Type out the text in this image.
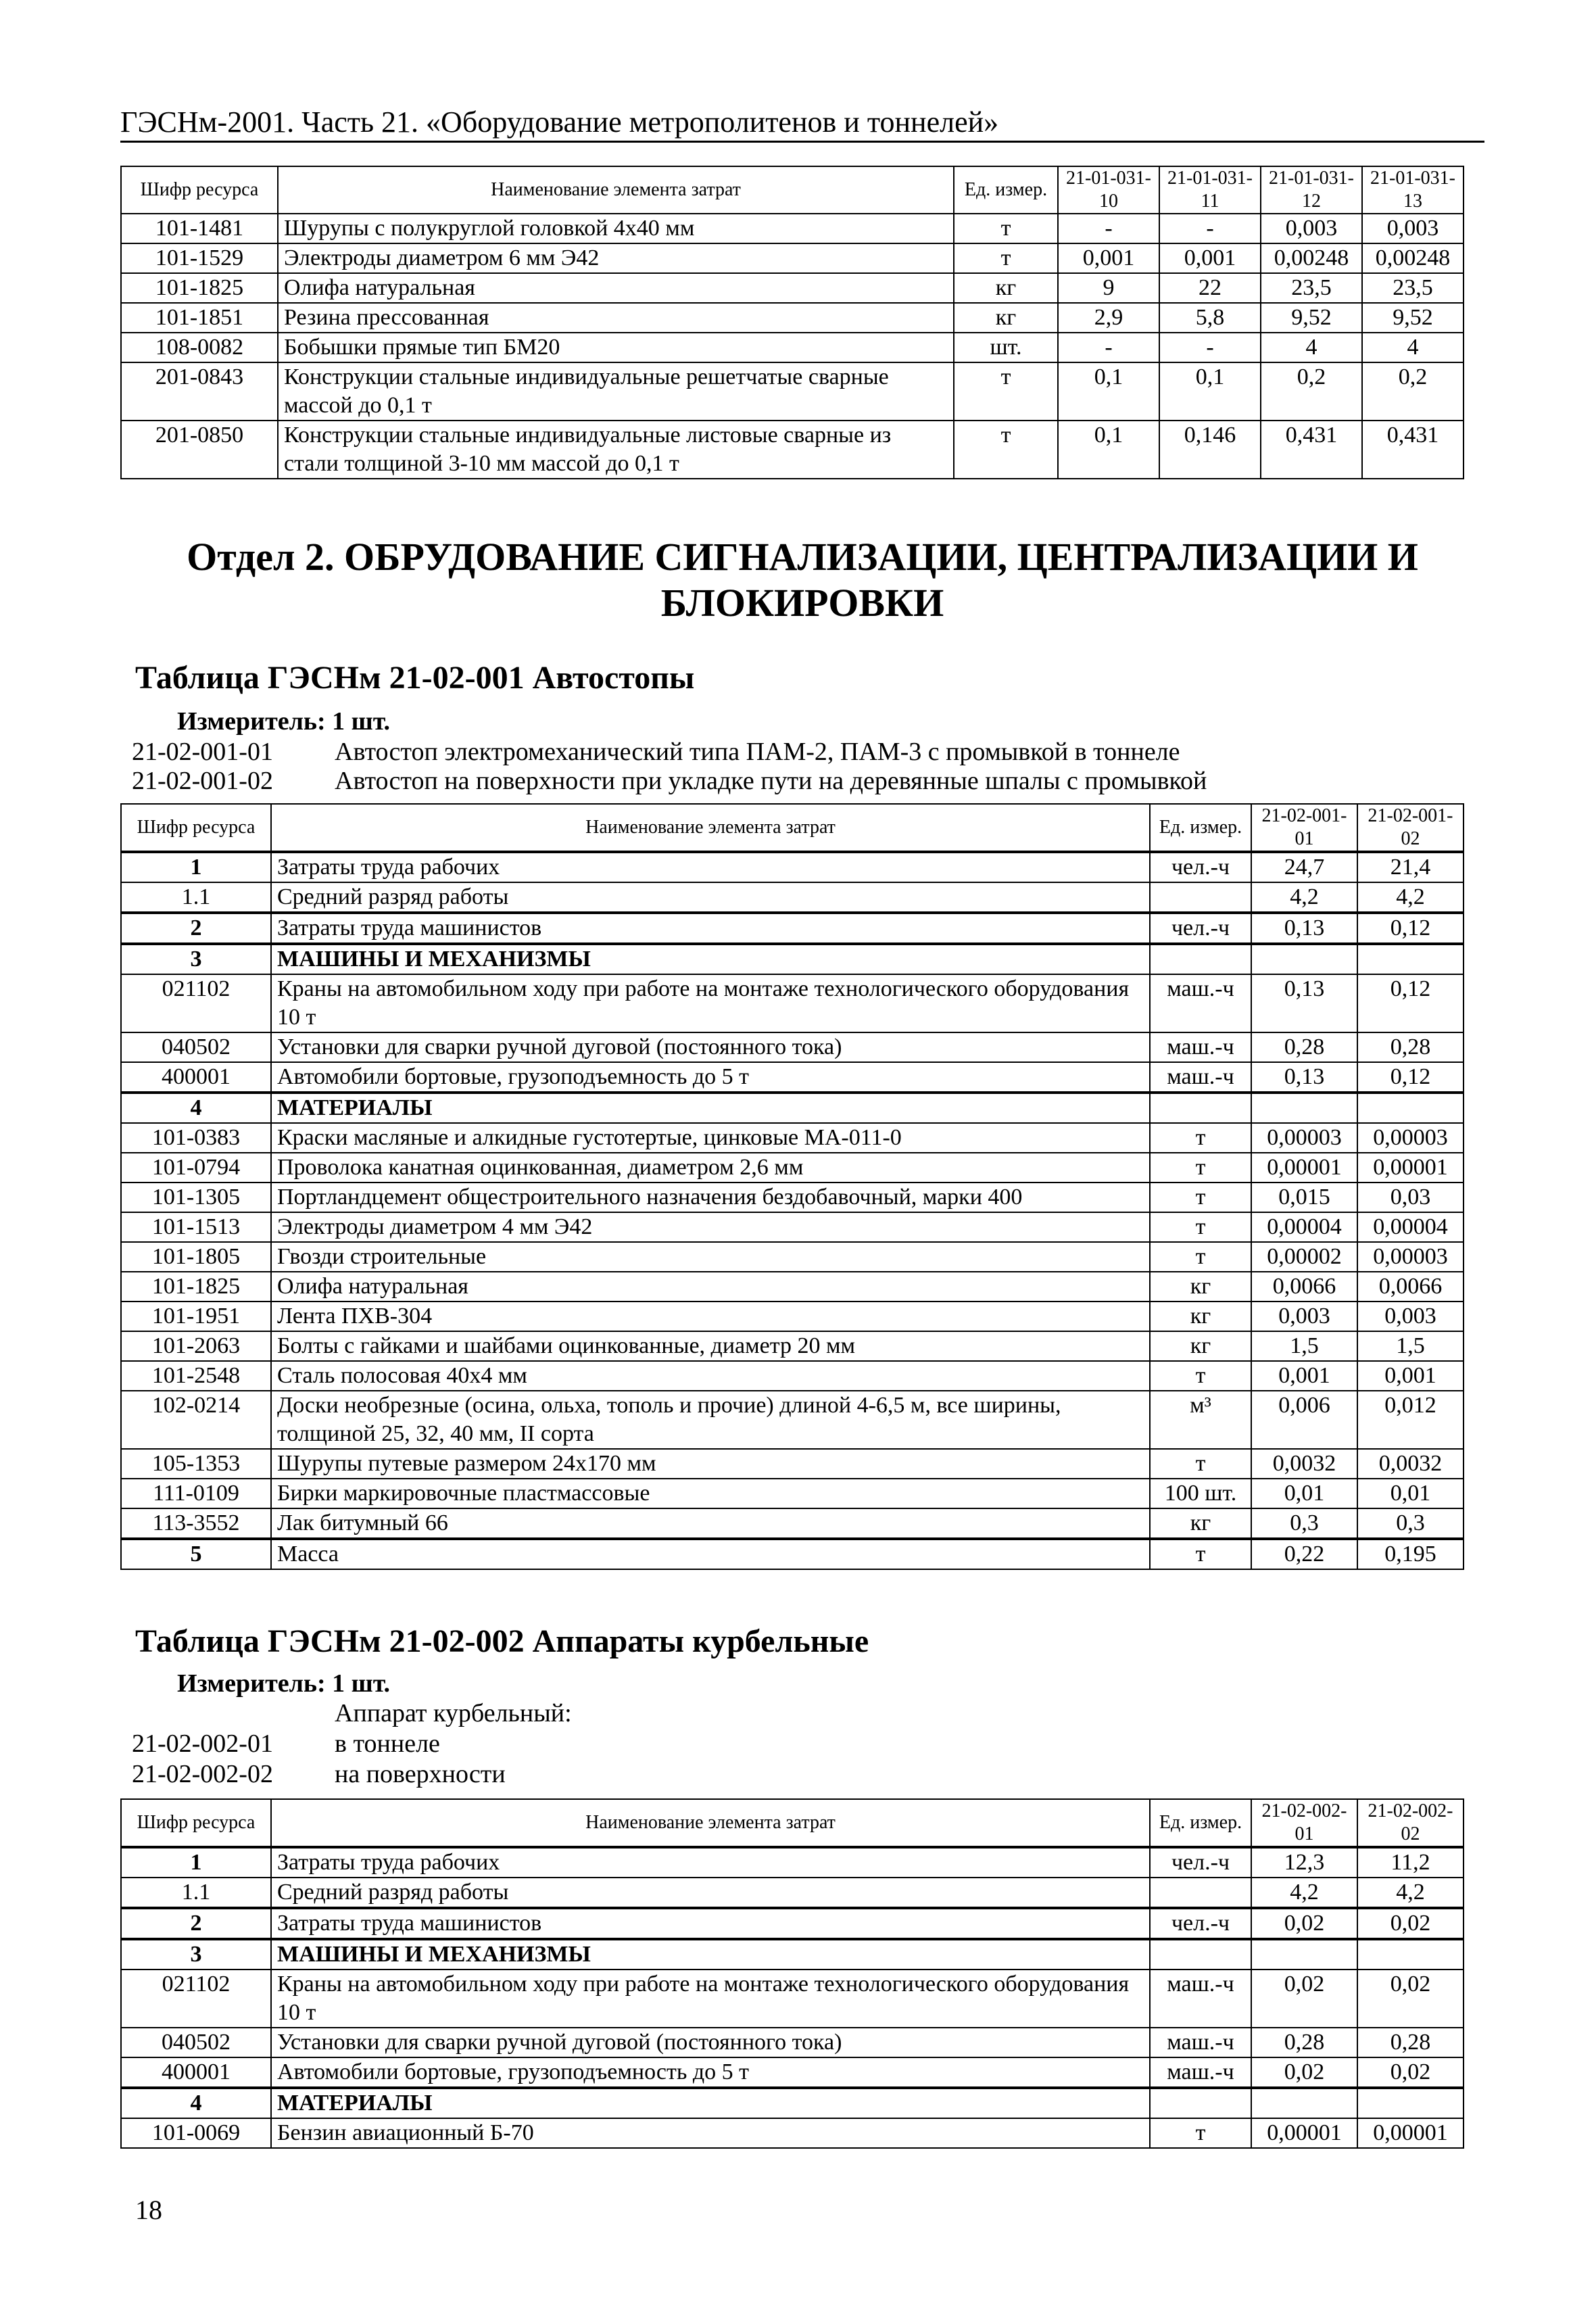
ГЭСНм-2001. Часть 21. «Оборудование метрополитенов и тоннелей»
Шифр ресурса	Наименование элемента затрат	Ед. измер.	21-01-031-10	21-01-031-11	21-01-031-12	21-01-031-13
101-1481	Шурупы с полукруглой головкой 4х40 мм	т	-	-	0,003	0,003
101-1529	Электроды диаметром 6 мм Э42	т	0,001	0,001	0,00248	0,00248
101-1825	Олифа натуральная	кг	9	22	23,5	23,5
101-1851	Резина прессованная	кг	2,9	5,8	9,52	9,52
108-0082	Бобышки прямые тип БМ20	шт.	-	-	4	4
201-0843	Конструкции стальные индивидуальные решетчатые сварные массой до 0,1 т	т	0,1	0,1	0,2	0,2
201-0850	Конструкции стальные индивидуальные листовые сварные из стали толщиной 3-10 мм массой до 0,1 т	т	0,1	0,146	0,431	0,431
Отдел 2. ОБРУДОВАНИЕ СИГНАЛИЗАЦИИ, ЦЕНТРАЛИЗАЦИИ И
БЛОКИРОВКИ
Таблица ГЭСНм 21-02-001 Автостопы
Измеритель: 1 шт.
21-02-001-01 Автостоп электромеханический типа ПАМ-2, ПАМ-3 с промывкой в тоннеле
21-02-001-02 Автостоп на поверхности при укладке пути на деревянные шпалы с промывкой
Шифр ресурса	Наименование элемента затрат	Ед. измер.	21-02-001-01	21-02-001-02
1	Затраты труда рабочих	чел.-ч	24,7	21,4
1.1	Средний разряд работы		4,2	4,2
2	Затраты труда машинистов	чел.-ч	0,13	0,12
3	МАШИНЫ И МЕХАНИЗМЫ			
021102	Краны на автомобильном ходу при работе на монтаже технологического оборудования 10 т	маш.-ч	0,13	0,12
040502	Установки для сварки ручной дуговой (постоянного тока)	маш.-ч	0,28	0,28
400001	Автомобили бортовые, грузоподъемность до 5 т	маш.-ч	0,13	0,12
4	МАТЕРИАЛЫ			
101-0383	Краски масляные и алкидные густотертые, цинковые МА-011-0	т	0,00003	0,00003
101-0794	Проволока канатная оцинкованная, диаметром 2,6 мм	т	0,00001	0,00001
101-1305	Портландцемент общестроительного назначения бездобавочный, марки 400	т	0,015	0,03
101-1513	Электроды диаметром 4 мм Э42	т	0,00004	0,00004
101-1805	Гвозди строительные	т	0,00002	0,00003
101-1825	Олифа натуральная	кг	0,0066	0,0066
101-1951	Лента ПХВ-304	кг	0,003	0,003
101-2063	Болты с гайками и шайбами оцинкованные, диаметр 20 мм	кг	1,5	1,5
101-2548	Сталь полосовая 40х4 мм	т	0,001	0,001
102-0214	Доски необрезные (осина, ольха, тополь и прочие) длиной 4-6,5 м, все ширины, толщиной 25, 32, 40 мм, II сорта	м³	0,006	0,012
105-1353	Шурупы путевые размером 24х170 мм	т	0,0032	0,0032
111-0109	Бирки маркировочные пластмассовые	100 шт.	0,01	0,01
113-3552	Лак битумный 66	кг	0,3	0,3
5	Масса	т	0,22	0,195
Таблица ГЭСНм 21-02-002 Аппараты курбельные
Измеритель: 1 шт.
Аппарат курбельный:
21-02-002-01 в тоннеле
21-02-002-02 на поверхности
Шифр ресурса	Наименование элемента затрат	Ед. измер.	21-02-002-01	21-02-002-02
1	Затраты труда рабочих	чел.-ч	12,3	11,2
1.1	Средний разряд работы		4,2	4,2
2	Затраты труда машинистов	чел.-ч	0,02	0,02
3	МАШИНЫ И МЕХАНИЗМЫ			
021102	Краны на автомобильном ходу при работе на монтаже технологического оборудования 10 т	маш.-ч	0,02	0,02
040502	Установки для сварки ручной дуговой (постоянного тока)	маш.-ч	0,28	0,28
400001	Автомобили бортовые, грузоподъемность до 5 т	маш.-ч	0,02	0,02
4	МАТЕРИАЛЫ			
101-0069	Бензин авиационный Б-70	т	0,00001	0,00001
18
